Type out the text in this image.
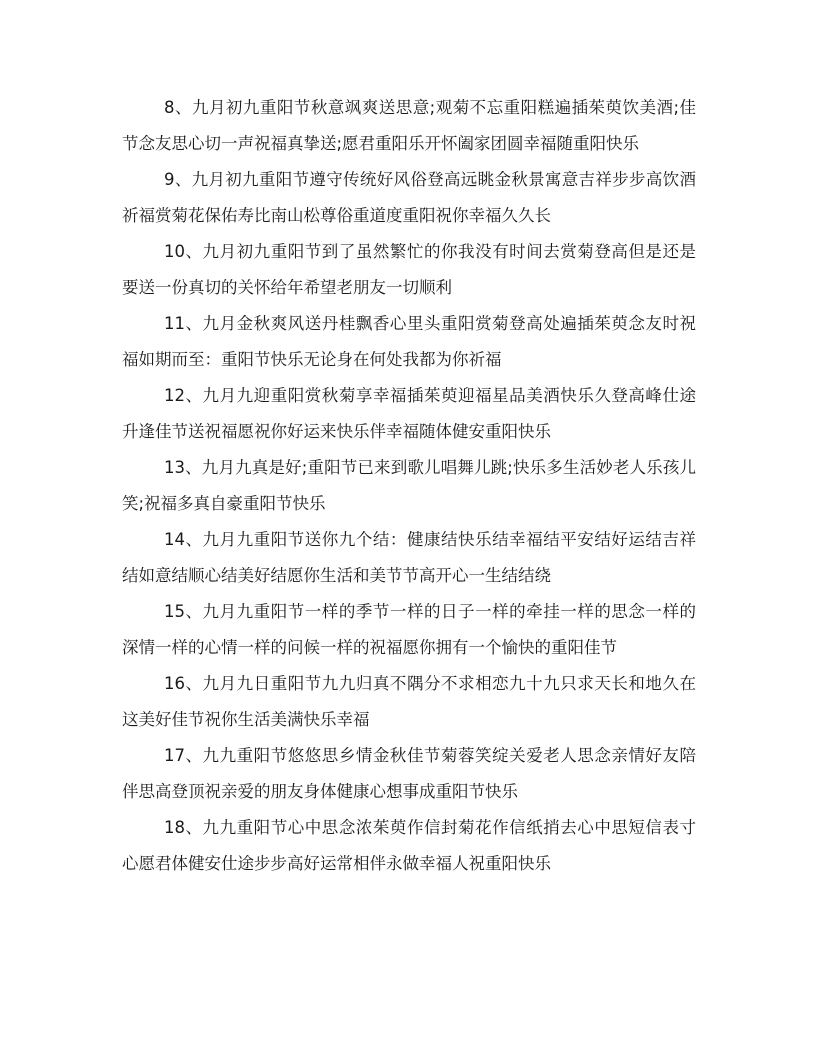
8、九月初九重阳节秋意飒爽送思意;观菊不忘重阳糕遍插茱萸饮美酒;佳节念友思心切一声祝福真挚送;愿君重阳乐开怀阖家团圆幸福随重阳快乐

9、九月初九重阳节遵守传统好风俗登高远眺金秋景寓意吉祥步步高饮酒祈福赏菊花保佑寿比南山松尊俗重道度重阳祝你幸福久久长

10、九月初九重阳节到了虽然繁忙的你我没有时间去赏菊登高但是还是要送一份真切的关怀给年希望老朋友一切顺利

11、九月金秋爽风送丹桂飘香心里头重阳赏菊登高处遍插茱萸念友时祝福如期而至：重阳节快乐无论身在何处我都为你祈福

12、九月九迎重阳赏秋菊享幸福插茱萸迎福星品美酒快乐久登高峰仕途升逢佳节送祝福愿祝你好运来快乐伴幸福随体健安重阳快乐

13、九月九真是好;重阳节已来到歌儿唱舞儿跳;快乐多生活妙老人乐孩儿笑;祝福多真自豪重阳节快乐

14、九月九重阳节送你九个结：健康结快乐结幸福结平安结好运结吉祥结如意结顺心结美好结愿你生活和美节节高开心一生结结绕

15、九月九重阳节一样的季节一样的日子一样的牵挂一样的思念一样的深情一样的心情一样的问候一样的祝福愿你拥有一个愉快的重阳佳节

16、九月九日重阳节九九归真不隅分不求相恋九十九只求天长和地久在这美好佳节祝你生活美满快乐幸福

17、九九重阳节悠悠思乡情金秋佳节菊蓉笑绽关爱老人思念亲情好友陪伴思高登顶祝亲爱的朋友身体健康心想事成重阳节快乐

18、九九重阳节心中思念浓茱萸作信封菊花作信纸捎去心中思短信表寸心愿君体健安仕途步步高好运常相伴永做幸福人祝重阳快乐
